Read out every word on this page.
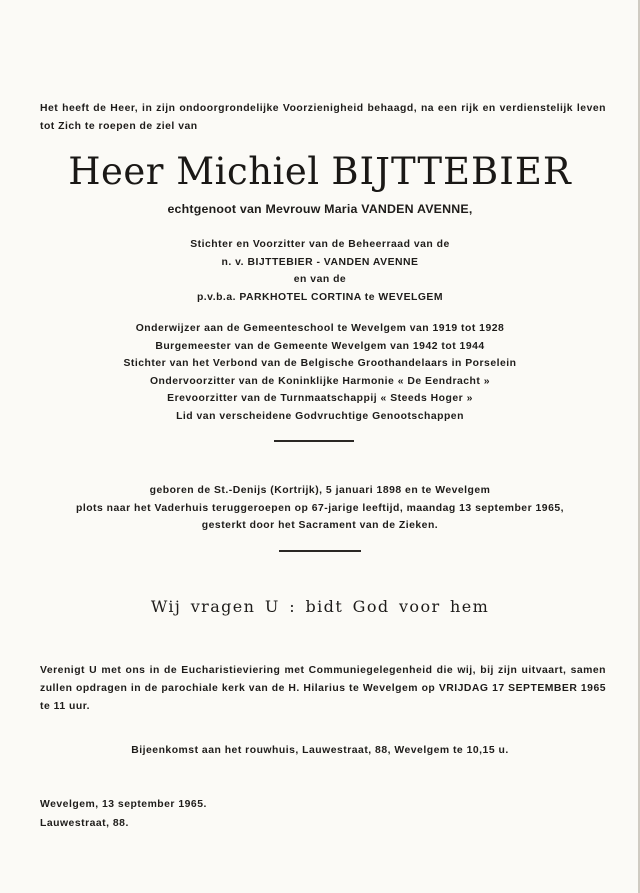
Het heeft de Heer, in zijn ondoorgrondelijke Voorzienigheid behaagd, na een rijk en verdienstelijk leven tot Zich te roepen de ziel van
Heer Michiel BIJTTEBIER
echtgenoot van Mevrouw Maria VANDEN AVENNE,
Stichter en Voorzitter van de Beheerraad van de
n. v. BIJTTEBIER - VANDEN AVENNE
en van de
p.v.b.a. PARKHOTEL CORTINA te WEVELGEM
Onderwijzer aan de Gemeenteschool te Wevelgem van 1919 tot 1928
Burgemeester van de Gemeente Wevelgem van 1942 tot 1944
Stichter van het Verbond van de Belgische Groothandelaars in Porselein
Ondervoorzitter van de Koninklijke Harmonie « De Eendracht »
Erevoorzitter van de Turnmaatschappij « Steeds Hoger »
Lid van verscheidene Godvruchtige Genootschappen
geboren de St.-Denijs (Kortrijk), 5 januari 1898 en te Wevelgem
plots naar het Vaderhuis teruggeroepen op 67-jarige leeftijd, maandag 13 september 1965,
gesterkt door het Sacrament van de Zieken.
Wij vragen U : bidt God voor hem
Verenigt U met ons in de Eucharistieviering met Communiegelegenheid die wij, bij zijn uitvaart, samen zullen opdragen in de parochiale kerk van de H. Hilarius te Wevelgem op VRIJDAG 17 SEPTEMBER 1965 te 11 uur.
Bijeenkomst aan het rouwhuis, Lauwestraat, 88, Wevelgem te 10,15 u.
Wevelgem, 13 september 1965.
Lauwestraat, 88.
